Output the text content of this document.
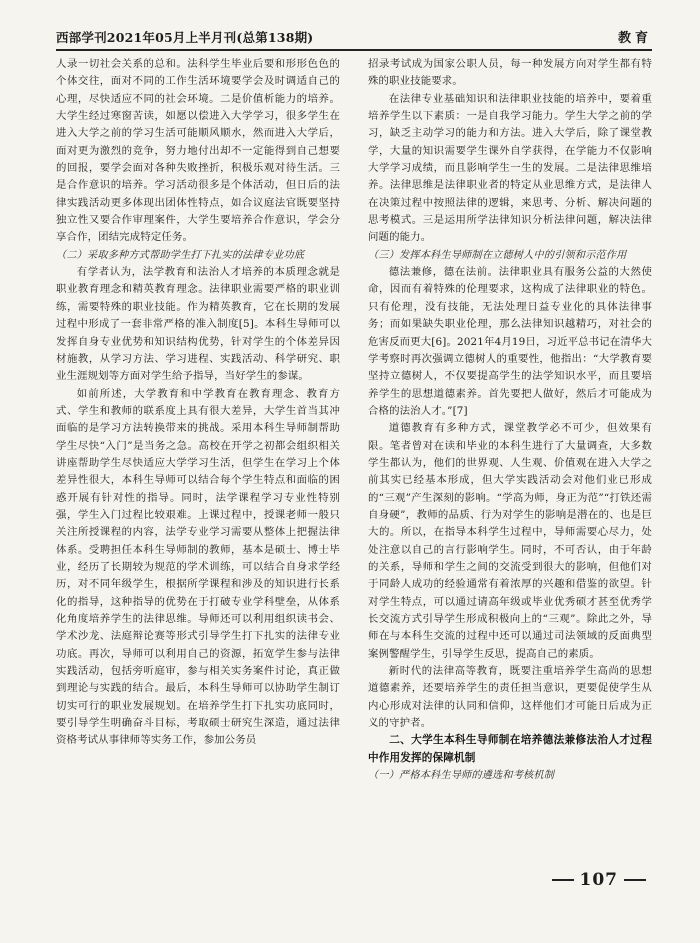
西部学刊2021年05月上半月刊(总第138期)	教育

人录一切社会关系的总和。法科学生毕业后要和形形色色的个体交往，面对不同的工作生活环境要学会及时调适自己的心理，尽快适应不同的社会环境。二是价值析能力的培养。大学生经过寒窗苦读，如愿以偿进入大学学习，很多学生在进入大学之前的学习生活可能顺风顺水，然而进入大学后，面对更为激烈的竞争，努力地付出却不一定能得到自己想要的回报，要学会面对各种失败挫折，积极乐观对待生活。三是合作意识的培养。学习活动很多是个体活动，但日后的法律实践活动更多体现出团体性特点，如合议庭法官既要坚持独立性又要合作审理案件，大学生要培养合作意识，学会分享合作，团结完成特定任务。

（二）采取多种方式帮助学生打下扎实的法律专业功底

有学者认为，法学教育和法治人才培养的本质理念就是职业教育理念和精英教育理念。法律职业需要严格的职业训练，需要特殊的职业技能。作为精英教育，它在长期的发展过程中形成了一套非常严格的准入制度[5]。本科生导师可以发挥自身专业优势和知识结构优势，针对学生的个体差异因材施教，从学习方法、学习进程、实践活动、科学研究、职业生涯规划等方面对学生给予指导，当好学生的参谋。

如前所述，大学教育和中学教育在教育理念、教育方式、学生和教师的联系度上具有很大差异，大学生首当其冲面临的是学习方法转换带来的挑战。采用本科生导师制帮助学生尽快“入门”是当务之急。高校在开学之初都会组织相关讲座帮助学生尽快适应大学学习生活，但学生在学习上个体差异性很大，本科生导师可以结合每个学生特点和面临的困惑开展有针对性的指导。同时，法学课程学习专业性特别强，学生入门过程比较艰难。上课过程中，授课老师一般只关注所授课程的内容，法学专业学习需要从整体上把握法律体系。受聘担任本科生导师制的教师，基本是硕士、博士毕业，经历了长期较为规范的学术训练，可以结合自身求学经历，对不同年级学生，根据所学课程和涉及的知识进行长系化的指导，这种指导的优势在于打破专业学科壁垒，从体系化角度培养学生的法律思维。导师还可以利用组织读书会、学术沙龙、法庭辩论赛等形式引导学生打下扎实的法律专业功底。再次，导师可以利用自己的资源，拓宽学生参与法律实践活动，包括旁听庭审，参与相关实务案件讨论，真正做到理论与实践的结合。最后，本科生导师可以协助学生制订切实可行的职业发展规划。在培养学生打下扎实功底同时，要引导学生明确奋斗目标，考取硕士研究生深造，通过法律资格考试从事律师等实务工作，参加公务员

招录考试成为国家公职人员，每一种发展方向对学生都有特殊的职业技能要求。

在法律专业基础知识和法律职业技能的培养中，要着重培养学生以下素质：一是自我学习能力。学生大学之前的学习，缺乏主动学习的能力和方法。进入大学后，除了课堂教学，大量的知识需要学生课外自学获得，在学能力不仅影响大学学习成绩，而且影响学生一生的发展。二是法律思维培养。法律思维是法律职业者的特定从业思维方式，是法律人在决策过程中按照法律的逻辑，来思考、分析、解决问题的思考模式。三是运用所学法律知识分析法律问题，解决法律问题的能力。

（三）发挥本科生导师制在立德树人中的引领和示范作用

德法兼修，德在法前。法律职业具有服务公益的大然使命，因而有着特殊的伦理要求，这构成了法律职业的特色。只有伦理，没有技能，无法处理日益专业化的具体法律事务；而如果缺失职业伦理，那么法律知识越精巧，对社会的危害反而更大[6]。2021年4月19日，习近平总书记在清华大学考察时再次强调立德树人的重要性，他指出：“大学教育要坚持立德树人，不仅要提高学生的法学知识水平，而且要培养学生的思想道德素养。首先要把人做好，然后才可能成为合格的法治人才。”[7]

道德教育有多种方式，课堂教学必不可少，但效果有限。笔者曾对在读和毕业的本科生进行了大量调查，大多数学生都认为，他们的世界观、人生观、价值观在进入大学之前其实已经基本形成，但大学实践活动会对他们业已形成的“三观”产生深刻的影响。“学高为师，身正为范”“打铁还需自身硬”，教师的品质、行为对学生的影响是潜在的、也是巨大的。所以，在指导本科学生过程中，导师需要心尽力，处处注意以自己的言行影响学生。同时，不可否认，由于年龄的关系，导师和学生之间的交流受到很大的影响，但他们对于同龄人成功的经验通常有着浓厚的兴趣和借鉴的欲望。针对学生特点，可以通过请高年级或毕业优秀硕才甚至优秀学长交流方式引导学生形成积极向上的“三观”。除此之外，导师在与本科生交流的过程中还可以通过司法领域的反面典型案例警醒学生，引导学生反思，提高自己的素质。

新时代的法律高等教育，既要注重培养学生高尚的思想道德素养，还要培养学生的责任担当意识，更要促使学生从内心形成对法律的认同和信仰，这样他们才可能日后成为正义的守护者。

二、大学生本科生导师制在培养德法兼修法治人才过程中作用发挥的保障机制

（一）严格本科生导师的遴选和考核机制

107
